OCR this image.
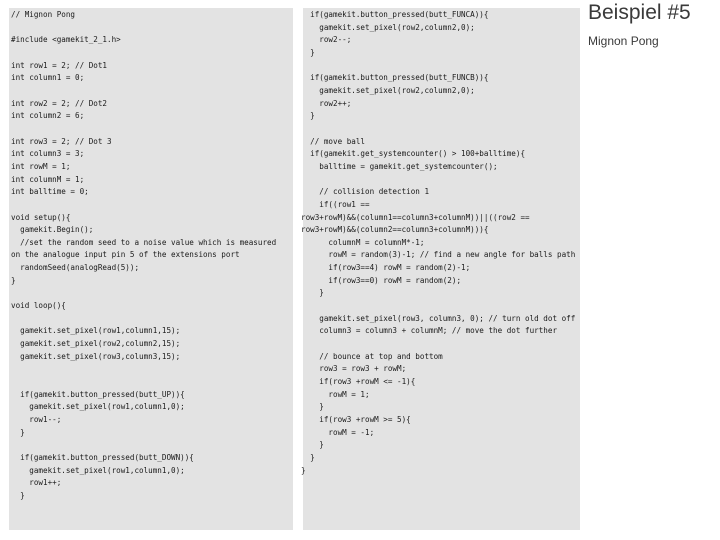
// Mignon Pong

#include <gamekit_2_1.h>

int row1 = 2; // Dot1
int column1 = 0;

int row2 = 2; // Dot2
int column2 = 6;

int row3 = 2; // Dot 3
int column3 = 3;
int rowM = 1;
int columnM = 1;
int balltime = 0;

void setup(){
gamekit.Begin();
//set the random seed to a noise value which is measured
on the analogue input pin 5 of the extensions port
randomSeed(analogRead(5));
}

void loop(){

gamekit.set_pixel(row1,column1,15);
gamekit.set_pixel(row2,column2,15);
gamekit.set_pixel(row3,column3,15);

if(gamekit.button_pressed(butt_UP)){
gamekit.set_pixel(row1,column1,0);
row1--;
}

if(gamekit.button_pressed(butt_DOWN)){
gamekit.set_pixel(row1,column1,0);
row1++;
}

if(gamekit.button_pressed(butt_FUNCA)){
gamekit.set_pixel(row2,column2,0);
row2--;
}

if(gamekit.button_pressed(butt_FUNCB)){
gamekit.set_pixel(row2,column2,0);
row2++;
}

// move ball
if(gamekit.get_systemcounter() > 100+balltime){
balltime = gamekit.get_systemcounter();

// collision detection 1
if((row1 ==
row3+rowM)&&(column1==column3+columnM))||((row2 ==
row3+rowM)&&(column2==column3+columnM))){
columnM = columnM*-1;
rowM = random(3)-1; // find a new angle for balls path
if(row3==4) rowM = random(2)-1;
if(row3==0) rowM = random(2);
}

gamekit.set_pixel(row3, column3, 0); // turn old dot off
column3 = column3 + columnM; // move the dot further

// bounce at top and bottom
row3 = row3 + rowM;
if(row3 +rowM <= -1){
rowM = 1;
}
if(row3 +rowM >= 5){
rowM = -1;
}
}
}

Beispiel #5
Mignon Pong
